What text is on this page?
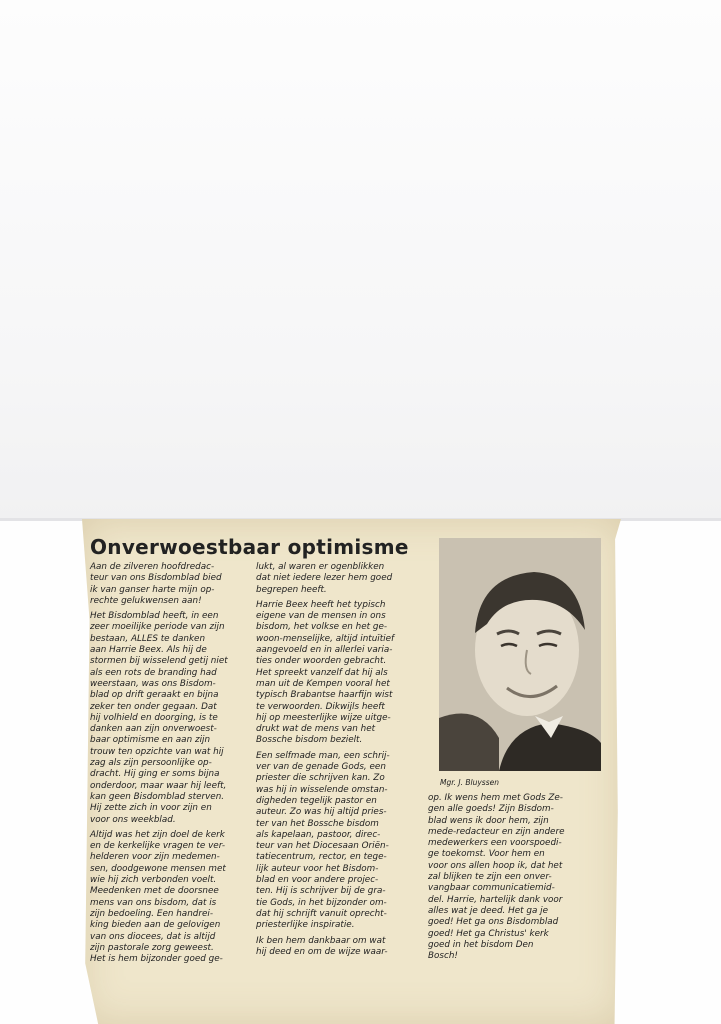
Onverwoestbaar optimisme

Aan de zilveren hoofdredac-
teur van ons Bisdomblad bied
ik van ganser harte mijn op-
rechte gelukwensen aan!

Het Bisdomblad heeft, in een
zeer moeilijke periode van zijn
bestaan, ALLES te danken
aan Harrie Beex. Als hij de
stormen bij wisselend getij niet
als een rots de branding had
weerstaan, was ons Bisdom-
blad op drift geraakt en bijna
zeker ten onder gegaan. Dat
hij volhield en doorging, is te
danken aan zijn onverwoest-
baar optimisme en aan zijn
trouw ten opzichte van wat hij
zag als zijn persoonlijke op-
dracht. Hij ging er soms bijna
onderdoor, maar waar hij leeft,
kan geen Bisdomblad sterven.
Hij zette zich in voor zijn en
voor ons weekblad.

Altijd was het zijn doel de kerk
en de kerkelijke vragen te ver-
helderen voor zijn medemen-
sen, doodgewone mensen met
wie hij zich verbonden voelt.
Meedenken met de doorsnee
mens van ons bisdom, dat is
zijn bedoeling. Een handrei-
king bieden aan de gelovigen
van ons diocees, dat is altijd
zijn pastorale zorg geweest.
Het is hem bijzonder goed ge-

lukt, al waren er ogenblikken
dat niet iedere lezer hem goed
begrepen heeft.

Harrie Beex heeft het typisch
eigene van de mensen in ons
bisdom, het volkse en het ge-
woon-menselijke, altijd intuïtief
aangevoeld en in allerlei varia-
ties onder woorden gebracht.
Het spreekt vanzelf dat hij als
man uit de Kempen vooral het
typisch Brabantse haarfijn wist
te verwoorden. Dikwijls heeft
hij op meesterlijke wijze uitge-
drukt wat de mens van het
Bossche bisdom bezielt.

Een selfmade man, een schrij-
ver van de genade Gods, een
priester die schrijven kan. Zo
was hij in wisselende omstan-
digheden tegelijk pastor en
auteur. Zo was hij altijd pries-
ter van het Bossche bisdom
als kapelaan, pastoor, direc-
teur van het Diocesaan Oriën-
tatiecentrum, rector, en tege-
lijk auteur voor het Bisdom-
blad en voor andere projec-
ten. Hij is schrijver bij de gra-
tie Gods, in het bijzonder om-
dat hij schrijft vanuit oprecht-
priesterlijke inspiratie.

Ik ben hem dankbaar om wat
hij deed en om de wijze waar-

Mgr. J. Bluyssen

op. Ik wens hem met Gods Ze-
gen alle goeds! Zijn Bisdom-
blad wens ik door hem, zijn
mede-redacteur en zijn andere
medewerkers een voorspoedi-
ge toekomst. Voor hem en
voor ons allen hoop ik, dat het
zal blijken te zijn een onver-
vangbaar communicatiemid-
del. Harrie, hartelijk dank voor
alles wat je deed. Het ga je
goed! Het ga ons Bisdomblad
goed! Het ga Christus' kerk
goed in het bisdom Den
Bosch!
